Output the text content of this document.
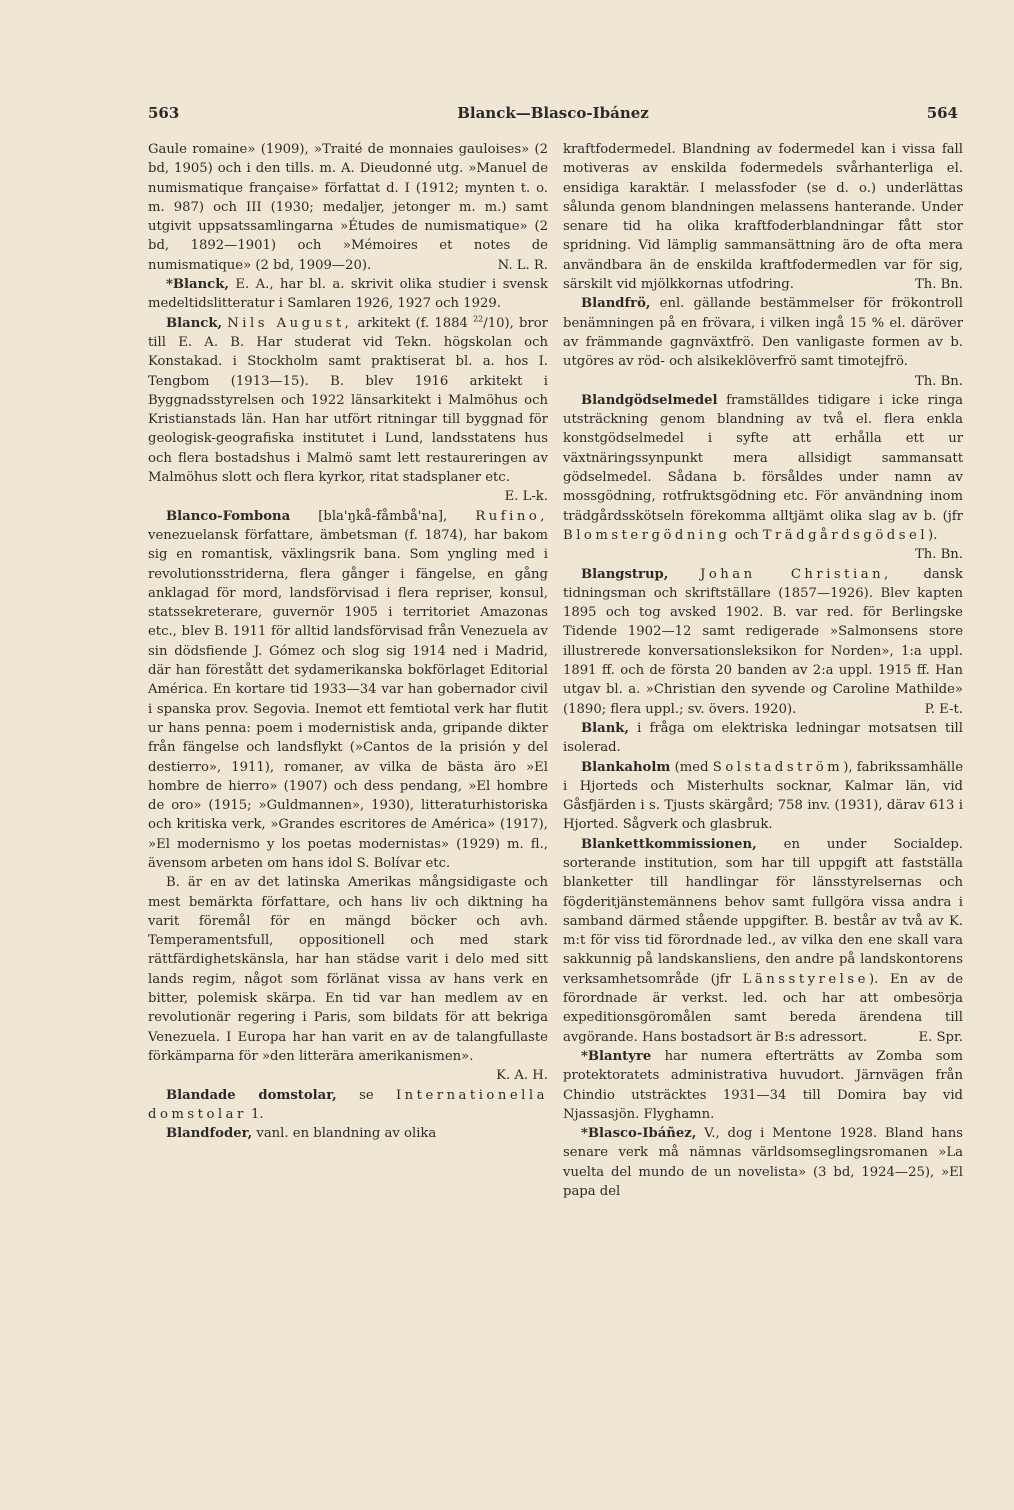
563	Blanck—Blasco-Ibánez	564

Gaule romaine» (1909), »Traité de monnaies gauloises» (2 bd, 1905) och i den tills. m. A. Dieudonné utg. »Manuel de numismatique française» författat d. I (1912; mynten t. o. m. 987) och III (1930; medaljer, jetonger m. m.) samt utgivit uppsatssamlingarna »Études de numismatique» (2 bd, 1892—1901) och »Mémoires et notes de numismatique» (2 bd, 1909—20).	N. L. R.

*Blanck, E. A., har bl. a. skrivit olika studier i svensk medeltidslitteratur i Samlaren 1926, 1927 och 1929.

Blanck, Nils August, arkitekt (f. 1884 $^{22}$/10), bror till E. A. B. Har studerat vid Tekn. högskolan och Konstakad. i Stockholm samt praktiserat bl. a. hos I. Tengbom (1913—15). B. blev 1916 arkitekt i Byggnadsstyrelsen och 1922 länsarkitekt i Malmöhus och Kristianstads län. Han har utfört ritningar till byggnad för geologisk-geografiska institutet i Lund, landsstatens hus och flera bostadshus i Malmö samt lett restaureringen av Malmöhus slott och flera kyrkor, ritat stadsplaner etc.
E. L-k.

Blanco-Fombona [bla'ŋkå-fåmbå'na], Rufino, venezuelansk författare, ämbetsman (f. 1874), har bakom sig en romantisk, växlingsrik bana. Som yngling med i revolutionsstriderna, flera gånger i fängelse, en gång anklagad för mord, landsförvisad i flera repriser, konsul, statssekreterare, guvernör 1905 i territoriet Amazonas etc., blev B. 1911 för alltid landsförvisad från Venezuela av sin dödsfiende J. Gómez och slog sig 1914 ned i Madrid, där han förestått det sydamerikanska bokförlaget Editorial América. En kortare tid 1933—34 var han gobernador civil i spanska prov. Segovia. Inemot ett femtiotal verk har flutit ur hans penna: poem i modernistisk anda, gripande dikter från fängelse och landsflykt (»Cantos de la prisión y del destierro», 1911), romaner, av vilka de bästa äro »El hombre de hierro» (1907) och dess pendang, »El hombre de oro» (1915; »Guldmannen», 1930), litteraturhistoriska och kritiska verk, »Grandes escritores de América» (1917), »El modernismo y los poetas modernistas» (1929) m. fl., ävensom arbeten om hans idol S. Bolívar etc.

B. är en av det latinska Amerikas mångsidigaste och mest bemärkta författare, och hans liv och diktning ha varit föremål för en mängd böcker och avh. Temperamentsfull, oppositionell och med stark rättfärdighetskänsla, har han städse varit i delo med sitt lands regim, något som förlänat vissa av hans verk en bitter, polemisk skärpa. En tid var han medlem av en revolutionär regering i Paris, som bildats för att bekriga Venezuela. I Europa har han varit en av de talangfullaste förkämparna för »den litterära amerikanismen».
K. A. H.

Blandade domstolar, se Internationella domstolar 1.

Blandfoder, vanl. en blandning av olika

kraftfodermedel. Blandning av fodermedel kan i vissa fall motiveras av enskilda fodermedels svårhanterliga el. ensidiga karaktär. I melassfoder (se d. o.) underlättas sålunda genom blandningen melassens hanterande. Under senare tid ha olika kraftfoderblandningar fått stor spridning. Vid lämplig sammansättning äro de ofta mera användbara än de enskilda kraftfodermedlen var för sig, särskilt vid mjölkkornas utfodring.	Th. Bn.

Blandfrö, enl. gällande bestämmelser för frökontroll benämningen på en frövara, i vilken ingå 15 % el. däröver av främmande gagnväxtfrö. Den vanligaste formen av b. utgöres av röd- och alsikeklöverfrö samt timotejfrö.
Th. Bn.

Blandgödselmedel framställdes tidigare i icke ringa utsträckning genom blandning av två el. flera enkla konstgödselmedel i syfte att erhålla ett ur växtnäringssynpunkt mera allsidigt sammansatt gödselmedel. Sådana b. försåldes under namn av mossgödning, rotfruktsgödning etc. För användning inom trädgårdsskötseln förekomma alltjämt olika slag av b. (jfr Blomstergödning och Trädgårdsgödsel).
Th. Bn.

Blangstrup, Johan Christian, dansk tidningsman och skriftställare (1857—1926). Blev kapten 1895 och tog avsked 1902. B. var red. för Berlingske Tidende 1902—12 samt redigerade »Salmonsens store illustrerede konversationsleksikon for Norden», 1:a uppl. 1891 ff. och de första 20 banden av 2:a uppl. 1915 ff. Han utgav bl. a. »Christian den syvende og Caroline Mathilde» (1890; flera uppl.; sv. övers. 1920).	P. E-t.

Blank, i fråga om elektriska ledningar motsatsen till isolerad.

Blankaholm (med Solstadström), fabrikssamhälle i Hjorteds och Misterhults socknar, Kalmar län, vid Gåsfjärden i s. Tjusts skärgård; 758 inv. (1931), därav 613 i Hjorted. Sågverk och glasbruk.

Blankettkommissionen, en under Socialdep. sorterande institution, som har till uppgift att fastställa blanketter till handlingar för länsstyrelsernas och fögderitjänstemännens behov samt fullgöra vissa andra i samband därmed stående uppgifter. B. består av två av K. m:t för viss tid förordnade led., av vilka den ene skall vara sakkunnig på landskansliens, den andre på landskontorens verksamhetsområde (jfr Länsstyrelse). En av de förordnade är verkst. led. och har att ombesörja expeditionsgöromålen samt bereda ärendena till avgörande. Hans bostadsort är B:s adressort.	E. Spr.

*Blantyre har numera efterträtts av Zomba som protektoratets administrativa huvudort. Järnvägen från Chindio utsträcktes 1931—34 till Domira bay vid Njassasjön. Flyghamn.

*Blasco-Ibáñez, V., dog i Mentone 1928. Bland hans senare verk må nämnas världsomseglingsromanen »La vuelta del mundo de un novelista» (3 bd, 1924—25), »El papa del
